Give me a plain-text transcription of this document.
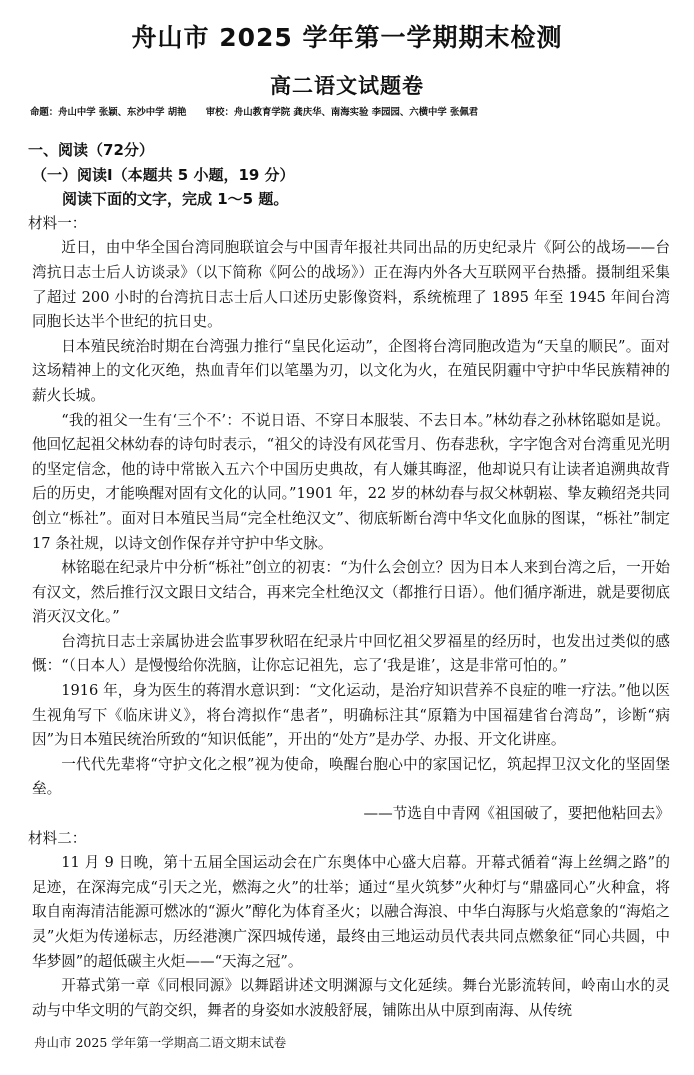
舟山市 2025 学年第一学期期末检测
高二语文试题卷
命题：舟山中学 张颖、东沙中学 胡艳 审校：舟山教育学院 龚庆华、南海实验 李园园、六横中学 张佩君

一、阅读（72分）

（一）阅读Ⅰ（本题共 5 小题，19 分）

阅读下面的文字，完成 1～5 题。

材料一：

近日，由中华全国台湾同胞联谊会与中国青年报社共同出品的历史纪录片《阿公的战场——台湾抗日志士后人访谈录》（以下简称《阿公的战场》）正在海内外各大互联网平台热播。摄制组采集了超过 200 小时的台湾抗日志士后人口述历史影像资料，系统梳理了 1895 年至 1945 年间台湾同胞长达半个世纪的抗日史。

日本殖民统治时期在台湾强力推行“皇民化运动”，企图将台湾同胞改造为“天皇的顺民”。面对这场精神上的文化灭绝，热血青年们以笔墨为刃，以文化为火，在殖民阴霾中守护中华民族精神的薪火长城。

“我的祖父一生有‘三个不’：不说日语、不穿日本服装、不去日本。”林幼春之孙林铭聪如是说。他回忆起祖父林幼春的诗句时表示，“祖父的诗没有风花雪月、伤春悲秋，字字饱含对台湾重见光明的坚定信念，他的诗中常嵌入五六个中国历史典故，有人嫌其晦涩，他却说只有让读者追溯典故背后的历史，才能唤醒对固有文化的认同。”1901 年，22 岁的林幼春与叔父林朝崧、挚友赖绍尧共同创立“栎社”。面对日本殖民当局“完全杜绝汉文”、彻底斩断台湾中华文化血脉的图谋，“栎社”制定 17 条社规，以诗文创作保存并守护中华文脉。

林铭聪在纪录片中分析“栎社”创立的初衷：“为什么会创立？因为日本人来到台湾之后，一开始有汉文，然后推行汉文跟日文结合，再来完全杜绝汉文（都推行日语）。他们循序渐进，就是要彻底消灭汉文化。”

台湾抗日志士亲属协进会监事罗秋昭在纪录片中回忆祖父罗福星的经历时，也发出过类似的感慨：“（日本人）是慢慢给你洗脑，让你忘记祖先，忘了‘我是谁’，这是非常可怕的。”

1916 年，身为医生的蒋渭水意识到：“文化运动，是治疗知识营养不良症的唯一疗法。”他以医生视角写下《临床讲义》，将台湾拟作“患者”，明确标注其“原籍为中国福建省台湾岛”，诊断“病因”为日本殖民统治所致的“知识低能”，开出的“处方”是办学、办报、开文化讲座。

一代代先辈将“守护文化之根”视为使命，唤醒台胞心中的家国记忆，筑起捍卫汉文化的坚固堡垒。

——节选自中青网《祖国破了，要把他粘回去》

材料二：

11 月 9 日晚，第十五届全国运动会在广东奥体中心盛大启幕。开幕式循着“海上丝绸之路”的足迹，在深海完成“引天之光，燃海之火”的壮举；通过“星火筑梦”火种灯与“鼎盛同心”火种盒，将取自南海清洁能源可燃冰的“源火”醇化为体育圣火；以融合海浪、中华白海豚与火焰意象的“海焰之灵”火炬为传递标志，历经港澳广深四城传递，最终由三地运动员代表共同点燃象征“同心共圆，中华梦圆”的超低碳主火炬——“天海之冠”。

开幕式第一章《同根同源》以舞蹈讲述文明渊源与文化延续。舞台光影流转间，岭南山水的灵动与中华文明的气韵交织，舞者的身姿如水波般舒展，铺陈出从中原到南海、从传统

舟山市 2025 学年第一学期高二语文期末试卷
